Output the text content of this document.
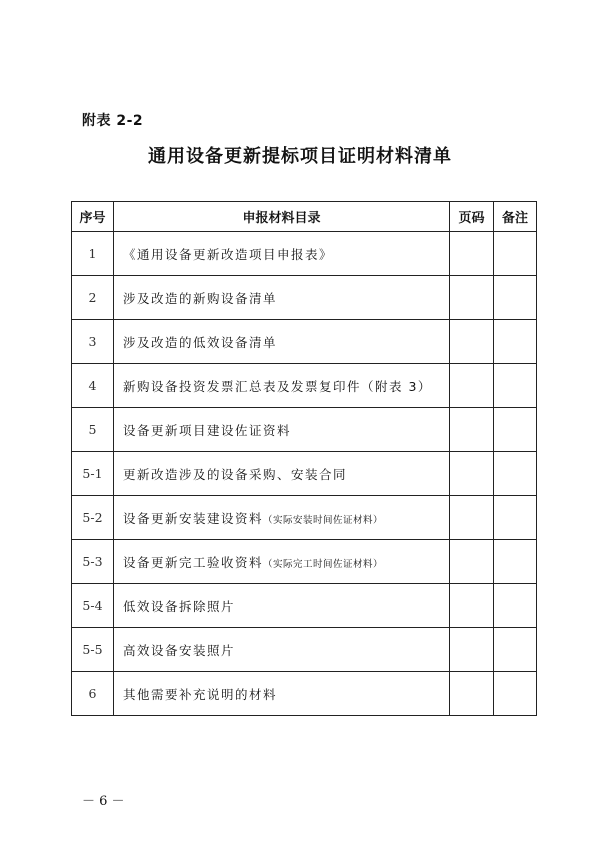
附表 2-2
通用设备更新提标项目证明材料清单
序号	申报材料目录	页码	备注
1	《通用设备更新改造项目申报表》		
2	涉及改造的新购设备清单		
3	涉及改造的低效设备清单		
4	新购设备投资发票汇总表及发票复印件（附表 3）		
5	设备更新项目建设佐证资料		
5-1	更新改造涉及的设备采购、安装合同		
5-2	设备更新安装建设资料（实际安装时间佐证材料）		
5-3	设备更新完工验收资料（实际完工时间佐证材料）		
5-4	低效设备拆除照片		
5-5	高效设备安装照片		
6	其他需要补充说明的材料		
－ 6 －
